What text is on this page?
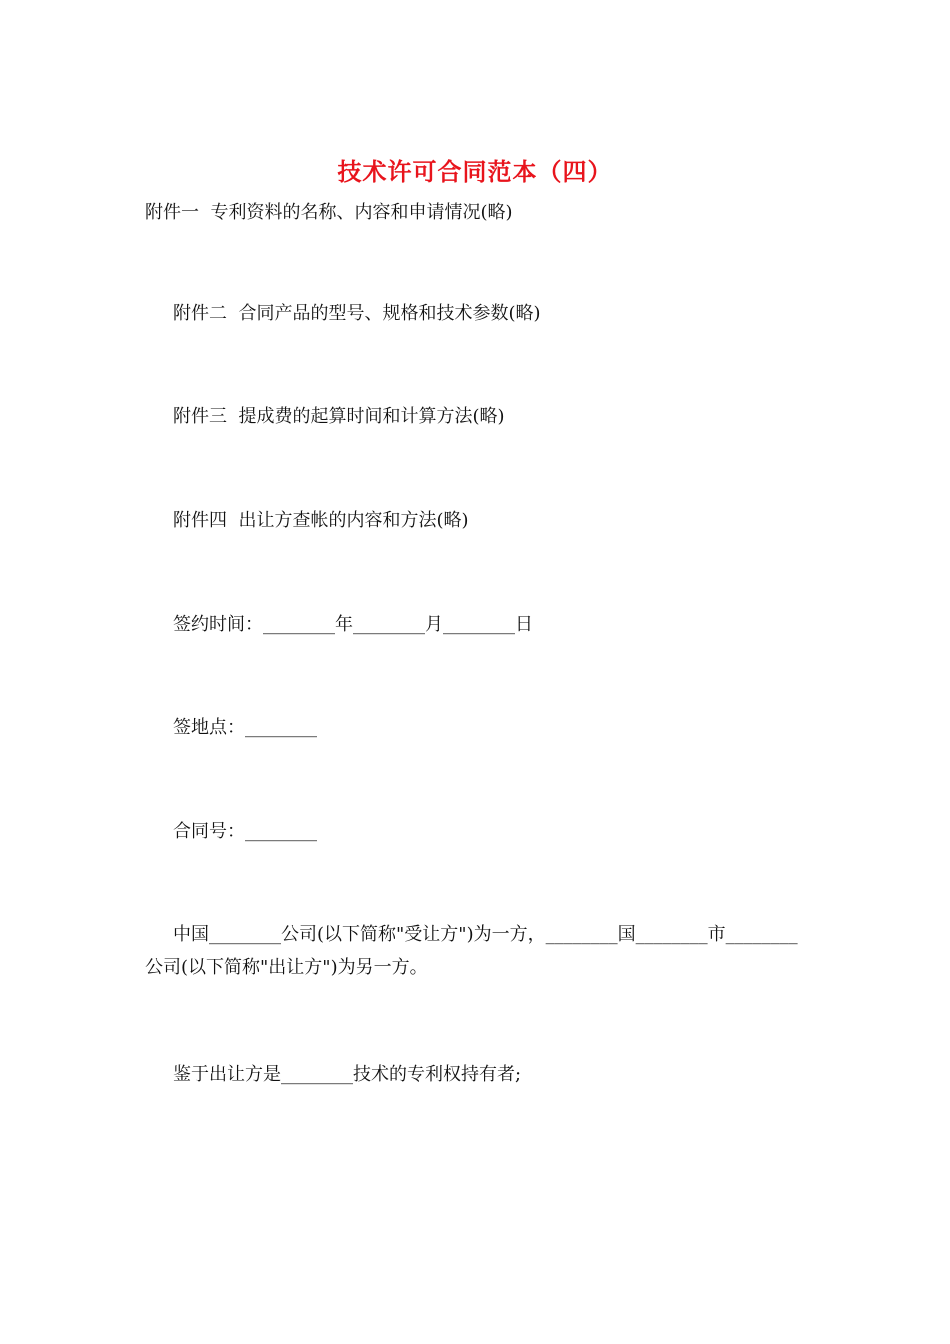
技术许可合同范本（四）
附件一  专利资料的名称、内容和申请情况(略)
附件二  合同产品的型号、规格和技术参数(略)
附件三  提成费的起算时间和计算方法(略)
附件四  出让方查帐的内容和方法(略)
签约时间：________年________月________日
签地点：________
合同号：________
中国________公司(以下简称"受让方")为一方，________国________市________公司(以下简称"出让方")为另一方。
鉴于出让方是________技术的专利权持有者;
